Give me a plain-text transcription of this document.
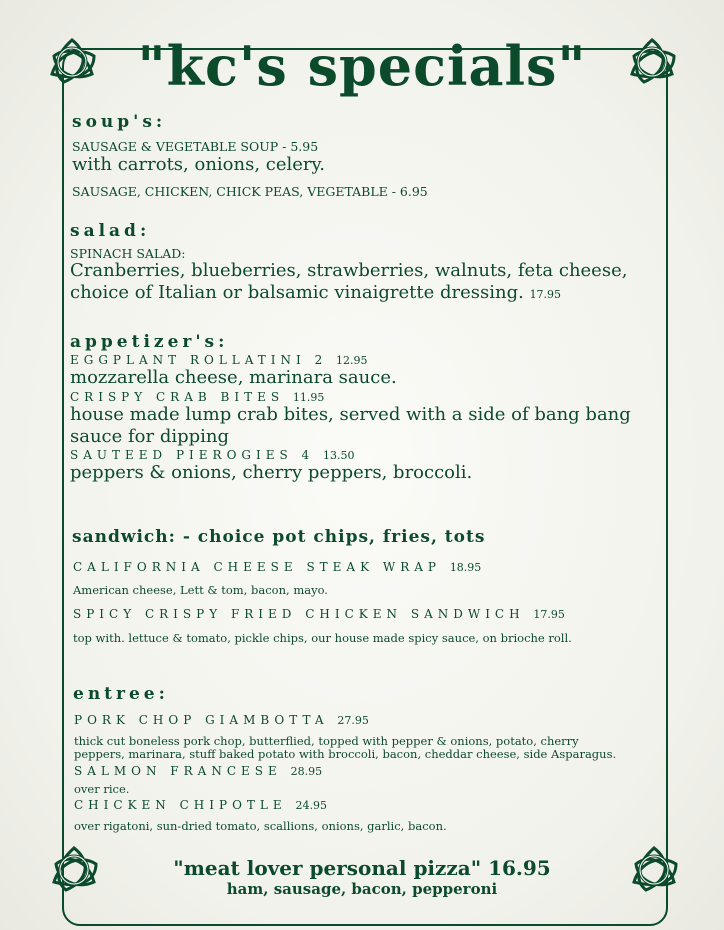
"kc's specials"
soup's:
SAUSAGE & VEGETABLE SOUP - 5.95
with carrots, onions, celery.
SAUSAGE, CHICKEN, CHICK PEAS, VEGETABLE - 6.95
salad:
SPINACH SALAD:
Cranberries, blueberries, strawberries, walnuts, feta cheese,
choice of Italian or balsamic vinaigrette dressing. 17.95
appetizer's:
EGGPLANT ROLLATINI 2 12.95
mozzarella cheese, marinara sauce.
CRISPY CRAB BITES 11.95
house made lump crab bites, served with a side of bang bang
sauce for dipping
SAUTEED PIEROGIES 4 13.50
peppers & onions, cherry peppers, broccoli.
sandwich: - choice pot chips, fries, tots
CALIFORNIA CHEESE STEAK WRAP 18.95
American cheese, Lett & tom, bacon, mayo.
SPICY CRISPY FRIED CHICKEN SANDWICH 17.95
top with. lettuce & tomato, pickle chips, our house made spicy sauce, on brioche roll.
entree:
PORK CHOP GIAMBOTTA 27.95
thick cut boneless pork chop, butterflied, topped with pepper & onions, potato, cherry
peppers, marinara, stuff baked potato with broccoli, bacon, cheddar cheese, side Asparagus.
SALMON FRANCESE 28.95
over rice.
CHICKEN CHIPOTLE 24.95
over rigatoni, sun-dried tomato, scallions, onions, garlic, bacon.
"meat lover personal pizza" 16.95
ham, sausage, bacon, pepperoni
